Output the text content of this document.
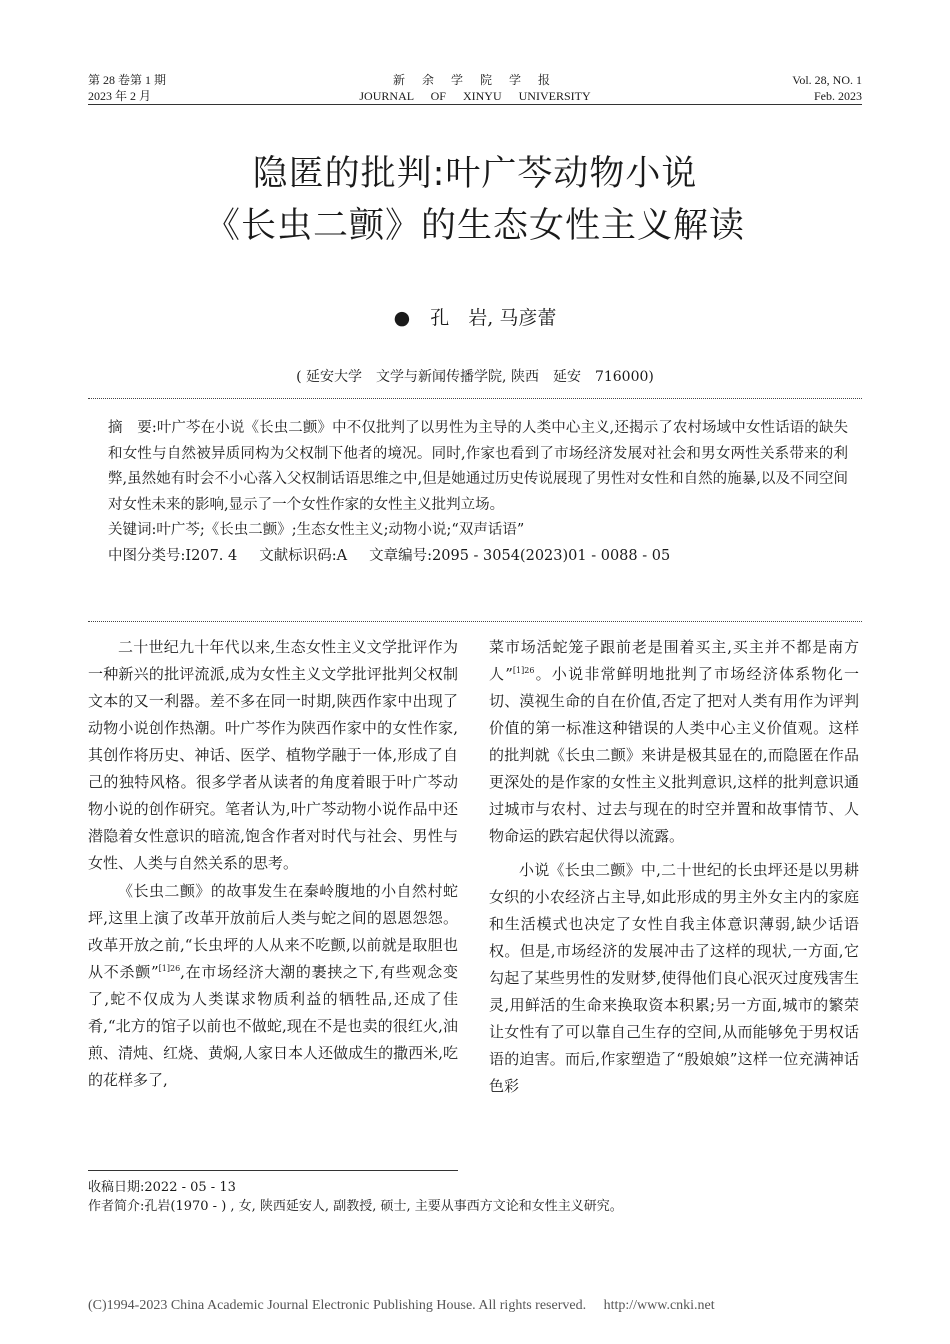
第 28 卷第 1 期
2023 年 2 月
新 余 学 院 学 报
JOURNAL OF XINYU UNIVERSITY
Vol. 28, NO. 1
Feb. 2023
隐匿的批判:叶广芩动物小说
《长虫二颤》的生态女性主义解读
● 孔　岩, 马彦蕾
( 延安大学　文学与新闻传播学院, 陕西　延安　716000)

摘　要:叶广芩在小说《长虫二颤》中不仅批判了以男性为主导的人类中心主义,还揭示了农村场域中女性话语的缺失和女性与自然被异质同构为父权制下他者的境况。同时,作家也看到了市场经济发展对社会和男女两性关系带来的利弊,虽然她有时会不小心落入父权制话语思维之中,但是她通过历史传说展现了男性对女性和自然的施暴,以及不同空间对女性未来的影响,显示了一个女性作家的女性主义批判立场。

关键词:叶广芩;《长虫二颤》;生态女性主义;动物小说;“双声话语”

中图分类号:I207. 4 文献标识码:A 文章编号:2095 - 3054(2023)01 - 0088 - 05

二十世纪九十年代以来,生态女性主义文学批评作为一种新兴的批评流派,成为女性主义文学批评批判父权制文本的又一利器。差不多在同一时期,陕西作家中出现了动物小说创作热潮。叶广芩作为陕西作家中的女性作家,其创作将历史、神话、医学、植物学融于一体,形成了自己的独特风格。很多学者从读者的角度着眼于叶广芩动物小说的创作研究。笔者认为,叶广芩动物小说作品中还潜隐着女性意识的暗流,饱含作者对时代与社会、男性与女性、人类与自然关系的思考。

《长虫二颤》的故事发生在秦岭腹地的小自然村蛇坪,这里上演了改革开放前后人类与蛇之间的恩恩怨怨。改革开放之前,“长虫坪的人从来不吃颤,以前就是取胆也从不杀颤”$^{[1]26}$,在市场经济大潮的裹挟之下,有些观念变了,蛇不仅成为人类谋求物质利益的牺牲品,还成了佳肴,“北方的馆子以前也不做蛇,现在不是也卖的很红火,油煎、清炖、红烧、黄焖,人家日本人还做成生的撒西米,吃的花样多了,

菜市场活蛇笼子跟前老是围着买主,买主并不都是南方人”$^{[1]26}$。小说非常鲜明地批判了市场经济体系物化一切、漠视生命的自在价值,否定了把对人类有用作为评判价值的第一标准这种错误的人类中心主义价值观。这样的批判就《长虫二颤》来讲是极其显在的,而隐匿在作品更深处的是作家的女性主义批判意识,这样的批判意识通过城市与农村、过去与现在的时空并置和故事情节、人物命运的跌宕起伏得以流露。

小说《长虫二颤》中,二十世纪的长虫坪还是以男耕女织的小农经济占主导,如此形成的男主外女主内的家庭和生活模式也决定了女性自我主体意识薄弱,缺少话语权。但是,市场经济的发展冲击了这样的现状,一方面,它勾起了某些男性的发财梦,使得他们良心泯灭过度残害生灵,用鲜活的生命来换取资本积累;另一方面,城市的繁荣让女性有了可以靠自己生存的空间,从而能够免于男权话语的迫害。而后,作家塑造了“殷娘娘”这样一位充满神话色彩

收稿日期:2022 - 05 - 13
作者简介:孔岩(1970 - ) , 女, 陕西延安人, 副教授, 硕士, 主要从事西方文论和女性主义研究。
(C)1994-2023 China Academic Journal Electronic Publishing House. All rights reserved.　 http://www.cnki.net
